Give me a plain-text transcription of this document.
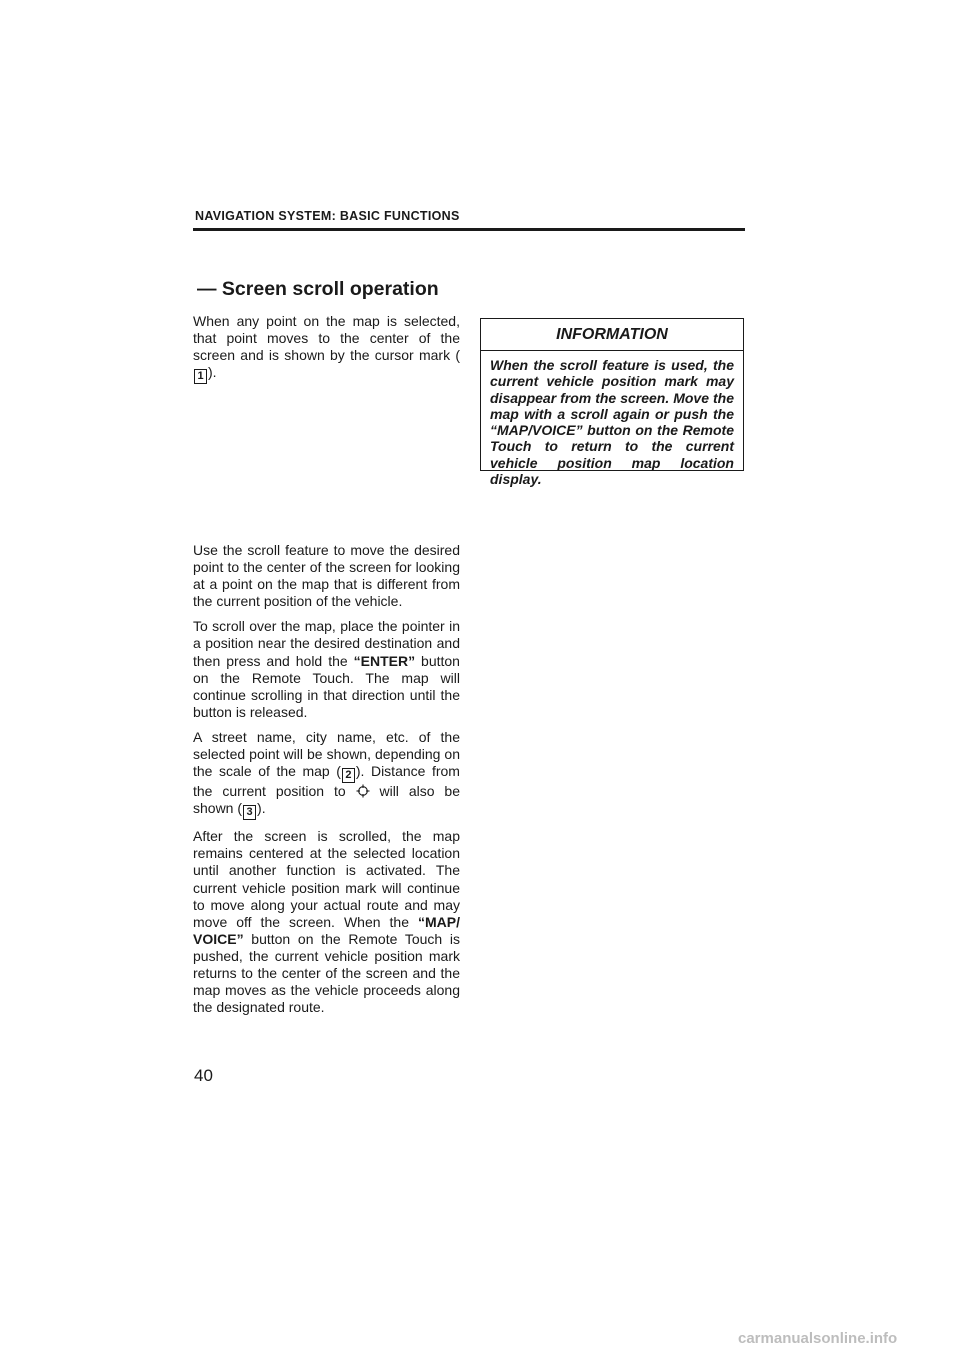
NAVIGATION SYSTEM: BASIC FUNCTIONS
— Screen scroll operation
When any point on the map is selected, that point moves to the center of the screen and is shown by the cursor mark (1 ).

Use the scroll feature to move the desired point to the center of the screen for looking at a point on the map that is different from the current position of the vehicle.

To scroll over the map, place the pointer in a position near the desired destination and then press and hold the “ENTER” button on the Remote Touch. The map will continue scrolling in that direction until the button is released.

A street name, city name, etc. of the selected point will be shown, depending on the scale of the map ( 2 ). Distance from the current position to  will also be shown ( 3 ).

After the screen is scrolled, the map remains centered at the selected location until another function is activated. The current vehicle position mark will continue to move along your actual route and may move off the screen. When the “MAP/ VOICE” button on the Remote Touch is pushed, the current vehicle position mark returns to the center of the screen and the map moves as the vehicle proceeds along the designated route.

INFORMATION
When the scroll feature is used, the current vehicle position mark may disappear from the screen. Move the map with a scroll again or push the “MAP/VOICE” button on the Remote Touch to return to the current vehicle position map location display.
40
carmanualsonline.info
